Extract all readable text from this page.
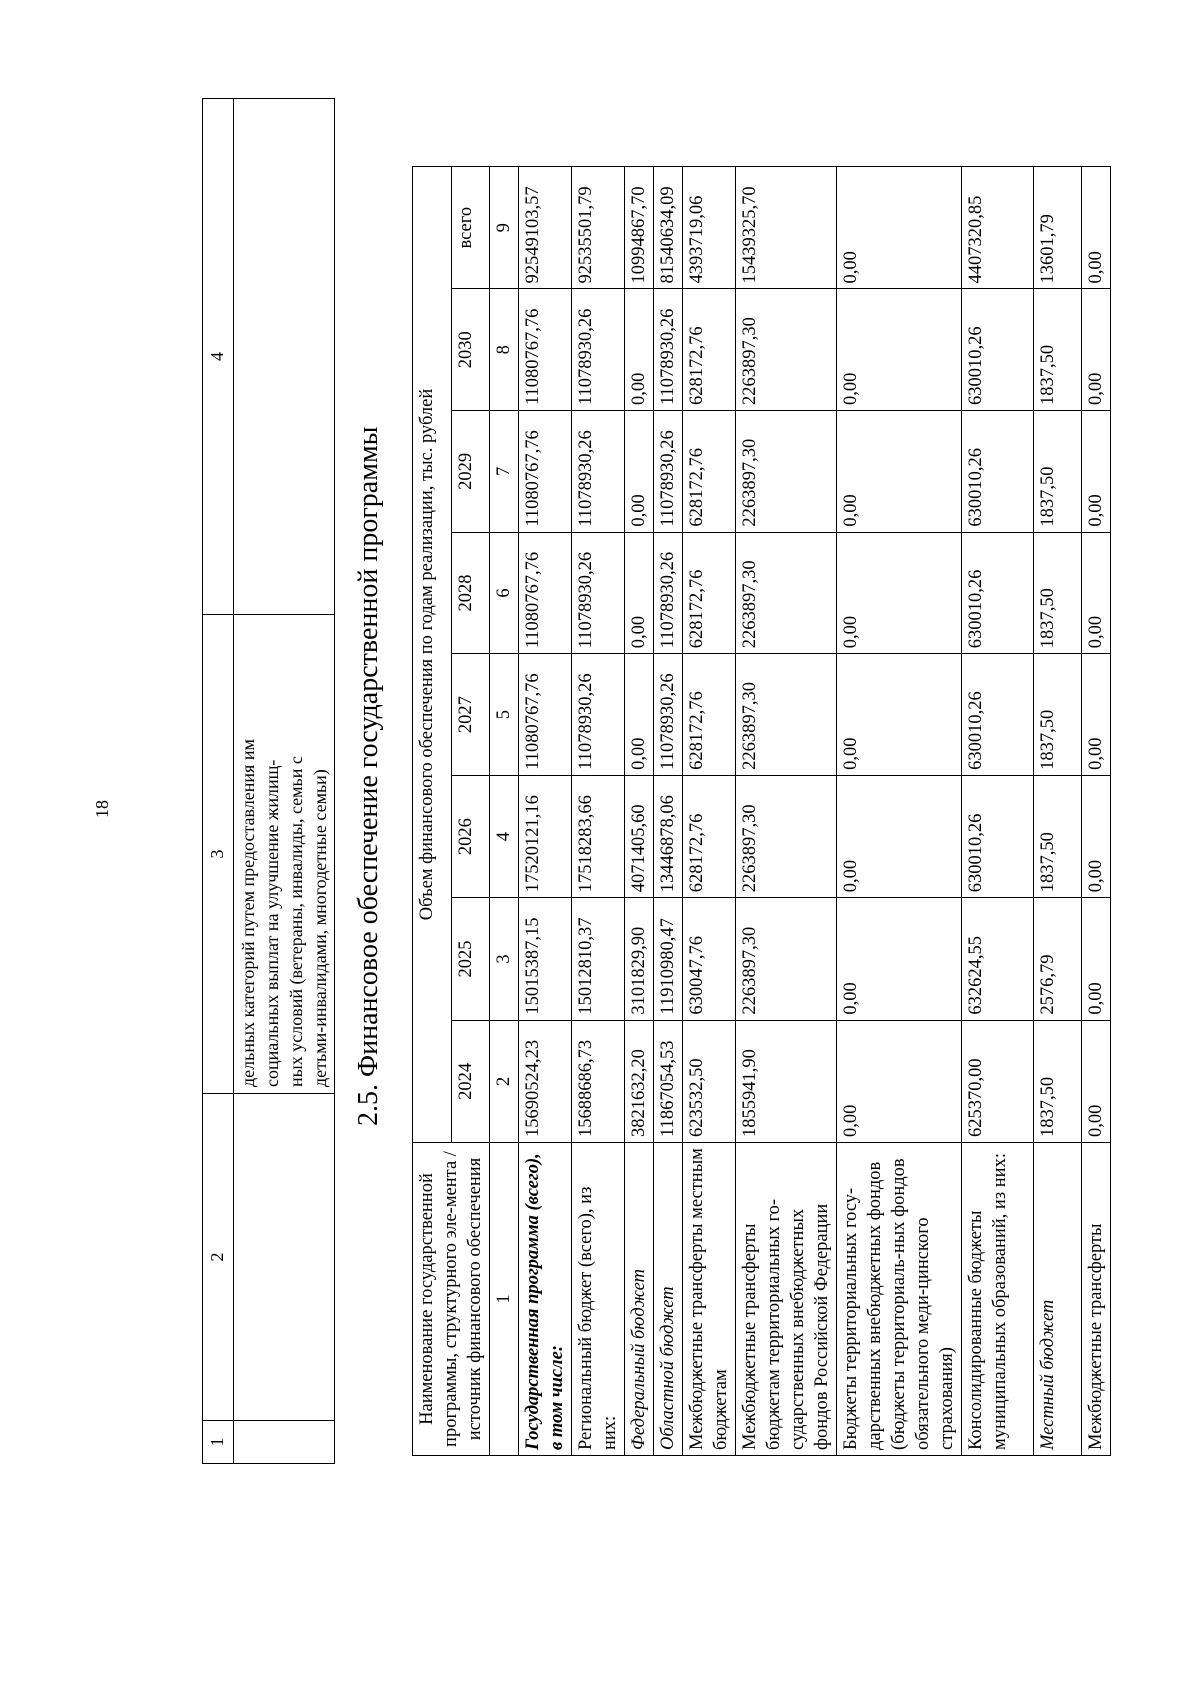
18
1	2	3	4

		дельных категорий путем предоставления им социальных выплат на улучшение жилищ- ных условий (ветераны, инвалиды, семьи с детьми-инвалидами, многодетные семьи)	
	2.5. Финансовое обеспечение государственной программы
Наименование государственной программы, структурного эле-мента / источник финансового обеспечения	Объем финансового обеспечения по годам реализации, тыс. рублей							
	2024	2025	2026	2027	2028	2029	2030	всего
1	2	3	4	5	6	7	8	9
Государственная программа (всего), в том числе:	15690524,23	15015387,15	17520121,16	11080767,76	11080767,76	11080767,76	11080767,76	92549103,57
Региональный бюджет (всего), из них:	15688686,73	15012810,37	17518283,66	11078930,26	11078930,26	11078930,26	11078930,26	92535501,79
Федеральный бюджет	3821632,20	3101829,90	4071405,60	0,00	0,00	0,00	0,00	10994867,70
Областной бюджет	11867054,53	11910980,47	13446878,06	11078930,26	11078930,26	11078930,26	11078930,26	81540634,09
Межбюджетные трансферты местным бюджетам	623532,50	630047,76	628172,76	628172,76	628172,76	628172,76	628172,76	4393719,06
Межбюджетные трансферты бюджетам территориальных го-сударственных внебюджетных фондов Российской Федерации	1855941,90	2263897,30	2263897,30	2263897,30	2263897,30	2263897,30	2263897,30	15439325,70
Бюджеты территориальных госу-дарственных внебюджетных фондов (бюджеты территориаль-ных фондов обязательного меди-цинского страхования)	0,00	0,00	0,00	0,00	0,00	0,00	0,00	0,00
Консолидированные бюджеты муниципальных образований, из них:	625370,00	632624,55	630010,26	630010,26	630010,26	630010,26	630010,26	4407320,85
Местный бюджет	1837,50	2576,79	1837,50	1837,50	1837,50	1837,50	1837,50	13601,79
Межбюджетные трансферты	0,00	0,00	0,00	0,00	0,00	0,00	0,00	0,00
